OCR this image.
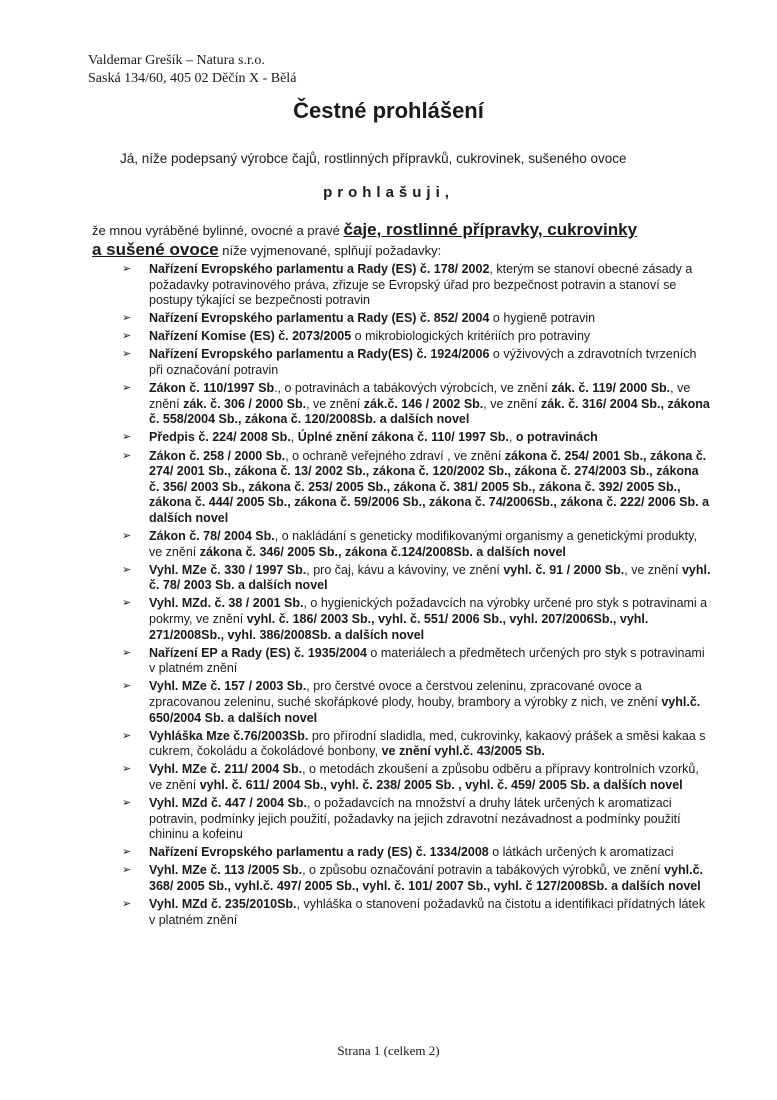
Valdemar Grešík – Natura s.r.o.
Saská 134/60, 405 02 Děčín X - Bělá
Čestné prohlášení
Já, níže podepsaný výrobce čajů, rostlinných přípravků, cukrovinek, sušeného ovoce
prohlašuji,
že mnou vyráběné bylinné, ovocné a pravé čaje, rostlinné přípravky, cukrovinky
a sušené ovoce níže vyjmenované, splňují požadavky:
➢ Nařízení Evropského parlamentu a Rady (ES) č. 178/ 2002, kterým se stanoví obecné zásady a požadavky potravinového práva, zřizuje se Evropský úřad pro bezpečnost potravin a stanoví se postupy týkající se bezpečnosti potravin
➢ Nařízení Evropského parlamentu a Rady (ES) č. 852/ 2004 o hygieně potravin
➢ Nařízení Komise (ES) č. 2073/2005 o mikrobiologických kritériích pro potraviny
➢ Nařízení Evropského parlamentu a Rady(ES) č. 1924/2006 o výživových a zdravotních tvrzeních při označování potravin
➢ Zákon č. 110/1997 Sb., o potravinách a tabákových výrobcích, ve znění zák. č. 119/ 2000 Sb., ve znění zák. č. 306 / 2000 Sb., ve znění zák.č. 146 / 2002 Sb., ve znění zák. č. 316/ 2004 Sb., zákona č. 558/2004 Sb., zákona č. 120/2008Sb. a dalších novel
➢ Předpis č. 224/ 2008 Sb., Úplné znění zákona č. 110/ 1997 Sb., o potravinách
➢ Zákon č. 258 / 2000 Sb., o ochraně veřejného zdraví , ve znění zákona č. 254/ 2001 Sb., zákona č. 274/ 2001 Sb., zákona č. 13/ 2002 Sb., zákona č. 120/2002 Sb., zákona č. 274/2003 Sb., zákona č. 356/ 2003 Sb., zákona č. 253/ 2005 Sb., zákona č. 381/ 2005 Sb., zákona č. 392/ 2005 Sb., zákona č. 444/ 2005 Sb., zákona č. 59/2006 Sb., zákona č. 74/2006Sb., zákona č. 222/ 2006 Sb. a dalších novel
➢ Zákon č. 78/ 2004 Sb., o nakládání s geneticky modifikovanými organismy a genetickými produkty, ve znění zákona č. 346/ 2005 Sb., zákona č.124/2008Sb. a dalších novel
➢ Vyhl. MZe č. 330 / 1997 Sb., pro čaj, kávu a kávoviny, ve znění vyhl. č. 91 / 2000 Sb., ve znění vyhl. č. 78/ 2003 Sb. a dalších novel
➢ Vyhl. MZd. č. 38 / 2001 Sb., o hygienických požadavcích na výrobky určené pro styk s potravinami a pokrmy, ve znění vyhl. č. 186/ 2003 Sb., vyhl. č. 551/ 2006 Sb., vyhl. 207/2006Sb., vyhl. 271/2008Sb., vyhl. 386/2008Sb. a dalších novel
➢ Nařízení EP a Rady (ES) č. 1935/2004 o materiálech a předmětech určených pro styk s potravinami v platném znění
➢ Vyhl. MZe č. 157 / 2003 Sb., pro čerstvé ovoce a čerstvou zeleninu, zpracované ovoce a zpracovanou zeleninu, suché skořápkové plody, houby, brambory a výrobky z nich, ve znění vyhl.č. 650/2004 Sb. a dalších novel
➢ Vyhláška Mze č.76/2003Sb. pro přírodní sladidla, med, cukrovinky, kakaový prášek a směsi kakaa s cukrem, čokoládu a čokoládové bonbony, ve znění vyhl.č. 43/2005 Sb.
➢ Vyhl. MZe č. 211/ 2004 Sb., o metodách zkoušení a způsobu odběru a přípravy kontrolních vzorků, ve znění vyhl. č. 611/ 2004 Sb., vyhl. č. 238/ 2005 Sb. , vyhl. č. 459/ 2005 Sb. a dalších novel
➢ Vyhl. MZd č. 447 / 2004 Sb., o požadavcích na množství a druhy látek určených k aromatizaci potravin, podmínky jejich použití, požadavky na jejich zdravotní nezávadnost a podmínky použití chininu a kofeinu
➢ Nařízení Evropského parlamentu a rady (ES) č. 1334/2008 o látkách určených k aromatizaci
➢ Vyhl. MZe č. 113 /2005 Sb., o způsobu označování potravin a tabákových výrobků, ve znění vyhl.č. 368/ 2005 Sb., vyhl.č. 497/ 2005 Sb., vyhl. č. 101/ 2007 Sb., vyhl. č 127/2008Sb. a dalších novel
➢ Vyhl. MZd č. 235/2010Sb., vyhláška o stanovení požadavků na čistotu a identifikaci přídatných látek v platném znění
Strana 1 (celkem 2)
